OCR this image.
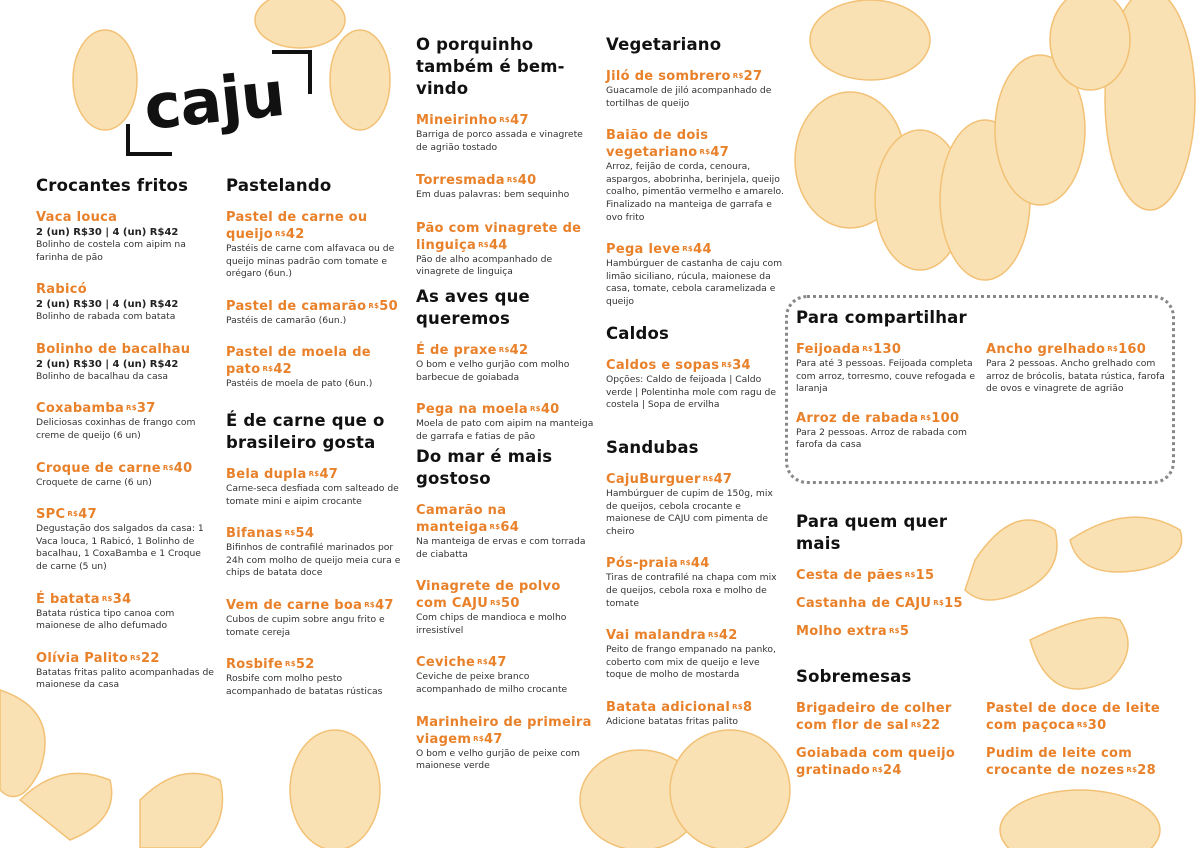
caju
Crocantes fritos
Vaca louca
2 (un) R$30 | 4 (un) R$42
Bolinho de costela com aipim na farinha de pão
Rabicó
2 (un) R$30 | 4 (un) R$42
Bolinho de rabada com batata
Bolinho de bacalhau
2 (un) R$30 | 4 (un) R$42
Bolinho de bacalhau da casa
Coxabamba $^{R\$}$37
Deliciosas coxinhas de frango com creme de queijo (6 un)
Croque de carne $^{R\$}$40
Croquete de carne (6 un)
SPC $^{R\$}$47
Degustação dos salgados da casa: 1 Vaca louca, 1 Rabicó, 1 Bolinho de bacalhau, 1 CoxaBamba e 1 Croque de carne (5 un)
É batata $^{R\$}$34
Batata rústica tipo canoa com maionese de alho defumado
Olívia Palito $^{R\$}$22
Batatas fritas palito acompanhadas de maionese da casa
Pastelando
Pastel de carne ou queijo $^{R\$}$42
Pastéis de carne com alfavaca ou de queijo minas padrão com tomate e orégaro (6un.)
Pastel de camarão $^{R\$}$50
Pastéis de camarão (6un.)
Pastel de moela de pato $^{R\$}$42
Pastéis de moela de pato (6un.)
É de carne que o brasileiro gosta
Bela dupla $^{R\$}$47
Carne-seca desfiada com salteado de tomate mini e aipim crocante
Bifanas $^{R\$}$54
Bifinhos de contrafilé marinados por 24h com molho de queijo meia cura e chips de batata doce
Vem de carne boa $^{R\$}$47
Cubos de cupim sobre angu frito e tomate cereja
Rosbife $^{R\$}$52
Rosbife com molho pesto acompanhado de batatas rústicas
O porquinho também é bem-vindo
Mineirinho $^{R\$}$47
Barriga de porco assada e vinagrete de agrião tostado
Torresmada $^{R\$}$40
Em duas palavras: bem sequinho
Pão com vinagrete de linguiça $^{R\$}$44
Pão de alho acompanhado de vinagrete de linguiça
As aves que queremos
É de praxe $^{R\$}$42
O bom e velho gurjão com molho barbecue de goiabada
Pega na moela $^{R\$}$40
Moela de pato com aipim na manteiga de garrafa e fatias de pão
Do mar é mais gostoso
Camarão na manteiga $^{R\$}$64
Na manteiga de ervas e com torrada de ciabatta
Vinagrete de polvo com CAJU $^{R\$}$50
Com chips de mandioca e molho irresistível
Ceviche $^{R\$}$47
Ceviche de peixe branco acompanhado de milho crocante
Marinheiro de primeira viagem $^{R\$}$47
O bom e velho gurjão de peixe com maionese verde
Vegetariano
Jiló de sombrero $^{R\$}$27
Guacamole de jiló acompanhado de tortilhas de queijo
Baião de dois vegetariano $^{R\$}$47
Arroz, feijão de corda, cenoura, aspargos, abobrinha, berinjela, queijo coalho, pimentão vermelho e amarelo. Finalizado na manteiga de garrafa e ovo frito
Pega leve $^{R\$}$44
Hambúrguer de castanha de caju com limão siciliano, rúcula, maionese da casa, tomate, cebola caramelizada e queijo
Caldos
Caldos e sopas $^{R\$}$34
Opções: Caldo de feijoada | Caldo verde | Polentinha mole com ragu de costela | Sopa de ervilha
Sandubas
CajuBurguer $^{R\$}$47
Hambúrguer de cupim de 150g, mix de queijos, cebola crocante e maionese de CAJU com pimenta de cheiro
Pós-praia $^{R\$}$44
Tiras de contrafilé na chapa com mix de queijos, cebola roxa e molho de tomate
Vai malandra $^{R\$}$42
Peito de frango empanado na panko, coberto com mix de queijo e leve toque de molho de mostarda
Batata adicional $^{R\$}$8
Adicione batatas fritas palito
Para compartilhar
Feijoada $^{R\$}$130
Para até 3 pessoas. Feijoada completa com arroz, torresmo, couve refogada e laranja
Ancho grelhado $^{R\$}$160
Para 2 pessoas. Ancho grelhado com arroz de brócolis, batata rústica, farofa de ovos e vinagrete de agrião
Arroz de rabada $^{R\$}$100
Para 2 pessoas. Arroz de rabada com farofa da casa
Para quem quer mais
Cesta de pães $^{R\$}$15
Castanha de CAJU $^{R\$}$15
Molho extra $^{R\$}$5
Sobremesas
Brigadeiro de colher com flor de sal $^{R\$}$22
Pastel de doce de leite com paçoca $^{R\$}$30
Goiabada com queijo gratinado $^{R\$}$24
Pudim de leite com crocante de nozes $^{R\$}$28
